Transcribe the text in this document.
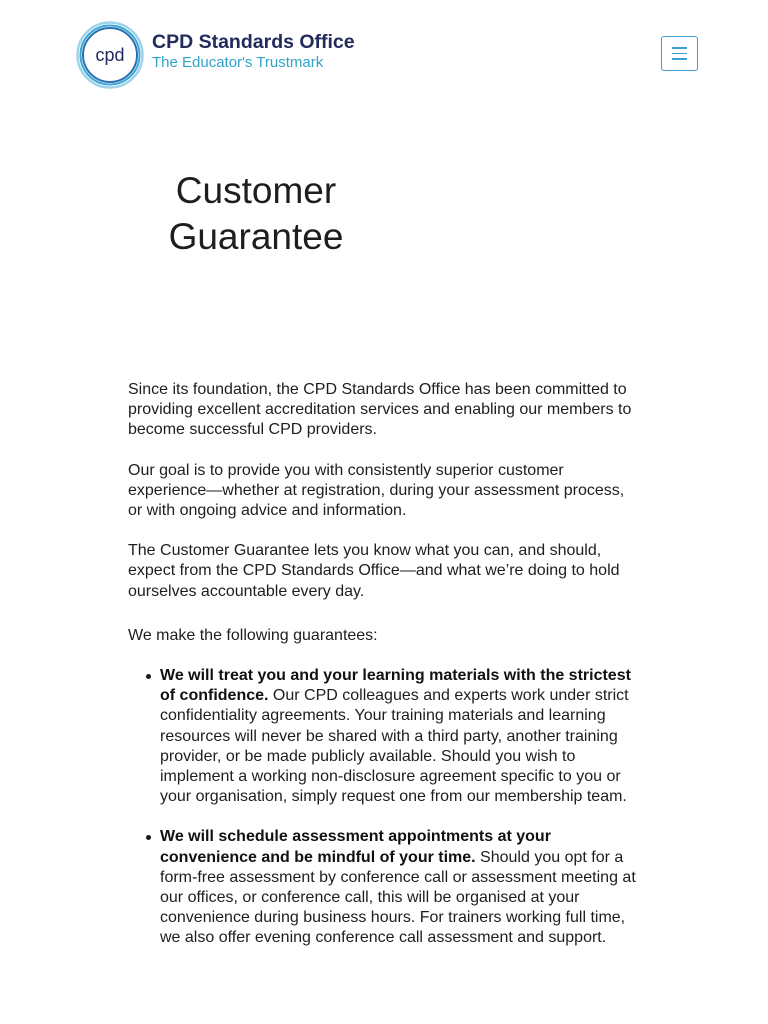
cpd
CPD Standards Office
The Educator's Trustmark
Customer
Guarantee

Since its foundation, the CPD Standards Office has been committed to providing excellent accreditation services and enabling our members to become successful CPD providers.

Our goal is to provide you with consistently superior customer experience—whether at registration, during your assessment process, or with ongoing advice and information.

The Customer Guarantee lets you know what you can, and should, expect from the CPD Standards Office—and what we’re doing to hold ourselves accountable every day.

We make the following guarantees:

We will treat you and your learning materials with the strictest of confidence. Our CPD colleagues and experts work under strict confidentiality agreements. Your training materials and learning resources will never be shared with a third party, another training provider, or be made publicly available. Should you wish to implement a working non-disclosure agreement specific to you or your organisation, simply request one from our membership team.
We will schedule assessment appointments at your convenience and be mindful of your time. Should you opt for a form-free assessment by conference call or assessment meeting at our offices, or conference call, this will be organised at your convenience during business hours. For trainers working full time, we also offer evening conference call assessment and support.
